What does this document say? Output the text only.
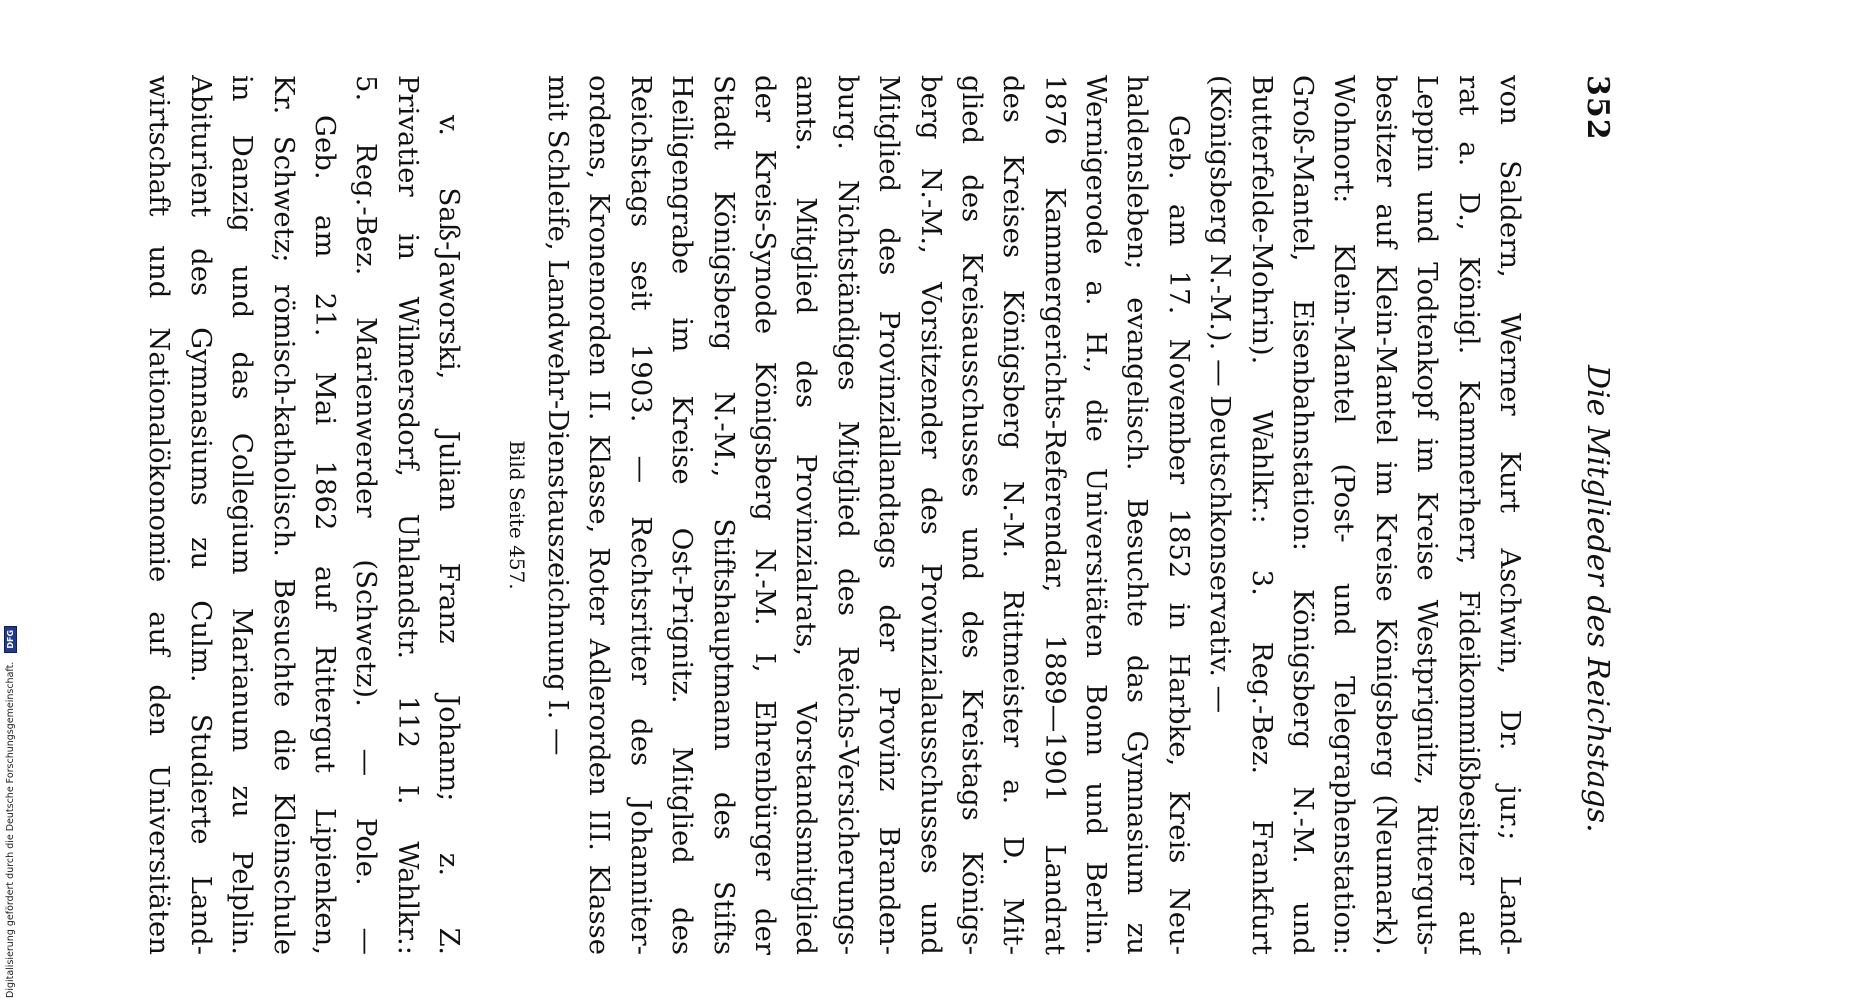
352
Die Mitglieder des Reichstags.
von Saldern, Werner Kurt Aschwin, Dr. jur.; Land-
rat a. D., Königl. Kammerherr, Fideikommißbesitzer auf
Leppin und Todtenkopf im Kreise Westprignitz, Ritterguts-
besitzer auf Klein-Mantel im Kreise Königsberg (Neumark).
Wohnort: Klein-Mantel (Post- und Telegraphenstation:
Groß-Mantel, Eisenbahnstation: Königsberg N.-M. und
Butterfelde-Mohrin). Wahlkr.: 3. Reg.-Bez. Frankfurt
(Königsberg N.-M.). — Deutschkonservativ. —
Geb. am 17. November 1852 in Harbke, Kreis Neu-
haldensleben; evangelisch. Besuchte das Gymnasium zu
Wernigerode a. H., die Universitäten Bonn und Berlin.
1876 Kammergerichts-Referendar, 1889—1901 Landrat
des Kreises Königsberg N.-M. Rittmeister a. D. Mit-
glied des Kreisausschusses und des Kreistags Königs-
berg N.-M., Vorsitzender des Provinzialausschusses und
Mitglied des Provinziallandtags der Provinz Branden-
burg. Nichtständiges Mitglied des Reichs-Versicherungs-
amts. Mitglied des Provinzialrats, Vorstandsmitglied
der Kreis-Synode Königsberg N.-M. I, Ehrenbürger der
Stadt Königsberg N.-M., Stiftshauptmann des Stifts
Heiligengrabe im Kreise Ost-Prignitz. Mitglied des
Reichstags seit 1903. — Rechtsritter des Johanniter-
ordens, Kronenorden II. Klasse, Roter Adlerorden III. Klasse
mit Schleife, Landwehr-Dienstauszeichnung I. —
Bild Seite 457.
v. Saß-Jaworski, Julian Franz Johann; z. Z.
Privatier in Wilmersdorf, Uhlandstr. 112 I. Wahlkr.:
5. Reg.-Bez. Marienwerder (Schwetz). — Pole. —
Geb. am 21. Mai 1862 auf Rittergut Lipienken,
Kr. Schwetz; römisch-katholisch. Besuchte die Kleinschule
in Danzig und das Collegium Marianum zu Pelplin.
Abiturient des Gymnasiums zu Culm. Studierte Land-
wirtschaft und Nationalökonomie auf den Universitäten
Digitalisierung gefördert durch die Deutsche Forschungsgemeinschaft. DFG
